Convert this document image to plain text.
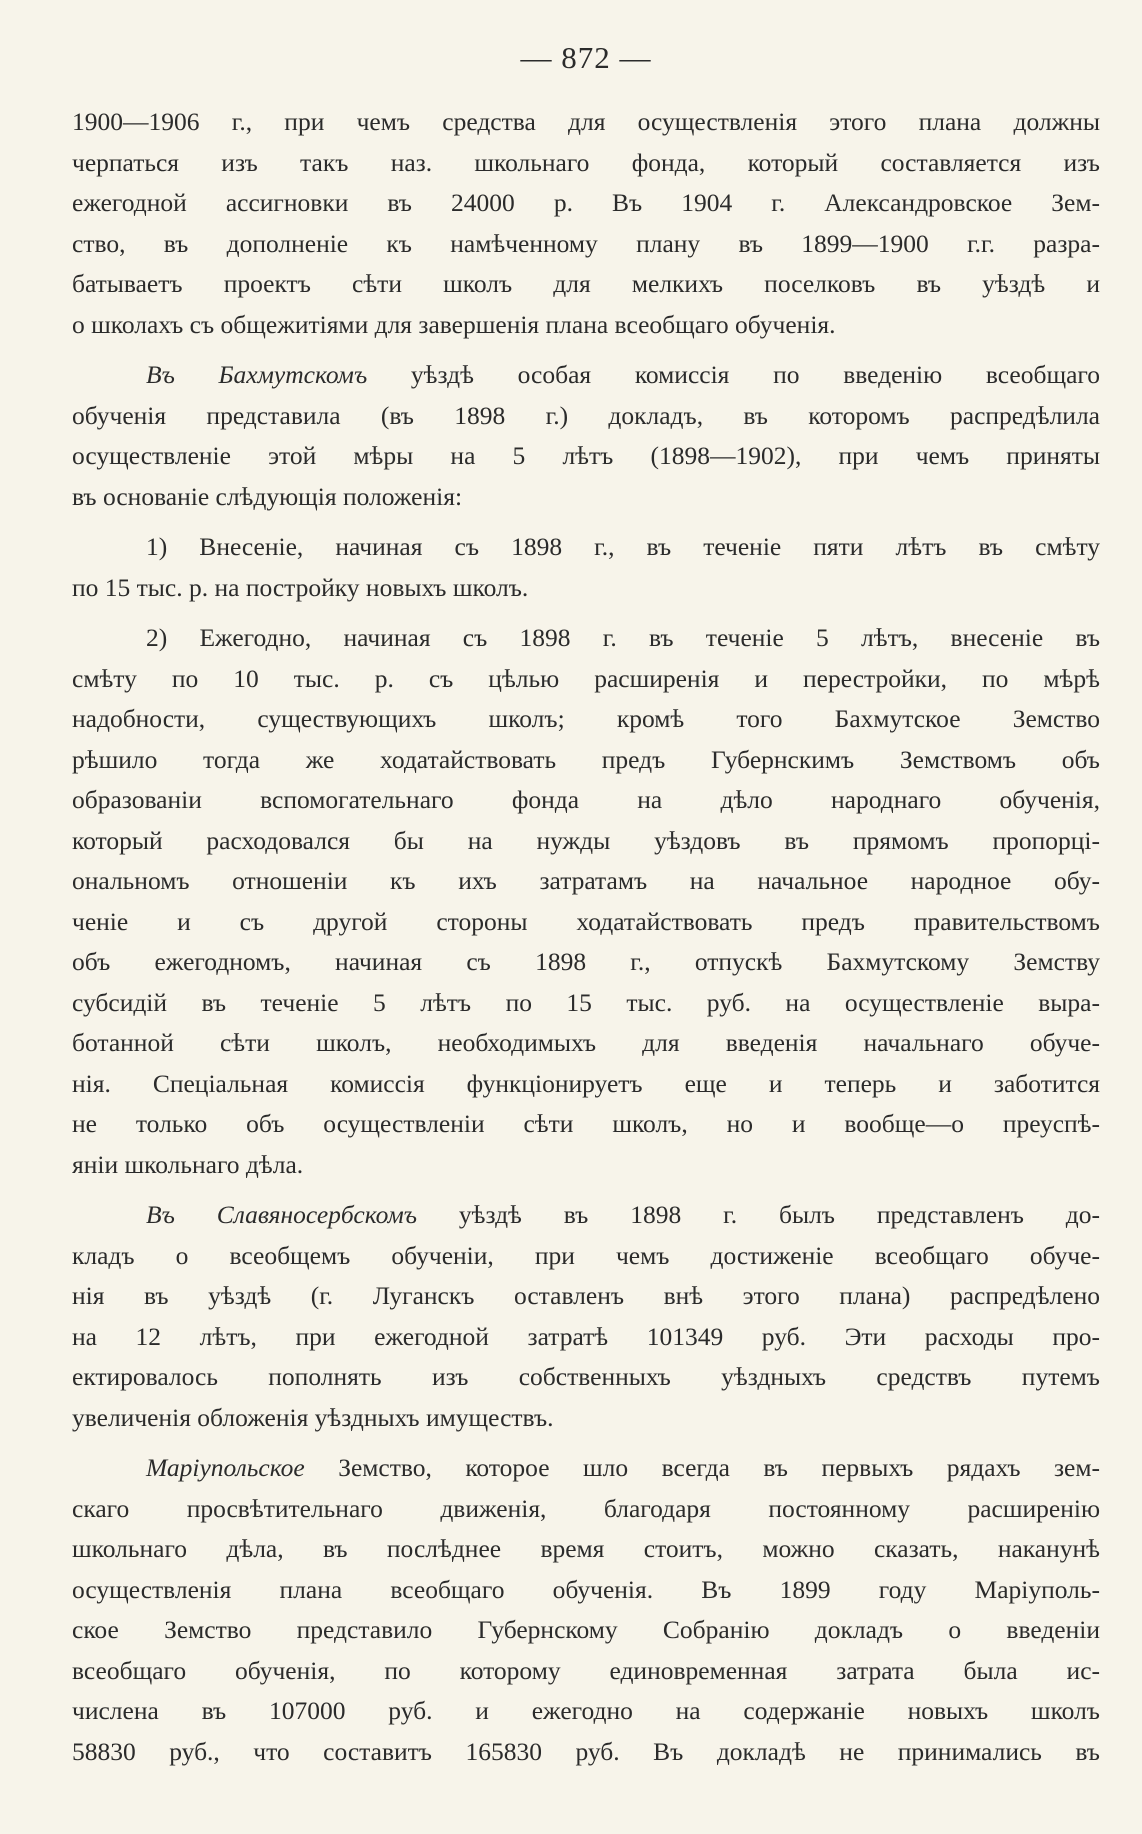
— 872 —
1900—1906 г., при чемъ средства для осуществленія этого плана должны
черпаться изъ такъ наз. школьнаго фонда, который составляется изъ
ежегодной ассигновки въ 24000 р. Въ 1904 г. Александровское Зем-
ство, въ дополненіе къ намѣченному плану въ 1899—1900 г.г. разра-
батываетъ проектъ сѣти школъ для мелкихъ поселковъ въ уѣздѣ и
о школахъ съ общежитіями для завершенія плана всеобщаго обученія.
Въ Бахмутскомъ уѣздѣ особая комиссія по введенію всеобщаго
обученія представила (въ 1898 г.) докладъ, въ которомъ распредѣлила
осуществленіе этой мѣры на 5 лѣтъ (1898—1902), при чемъ приняты
въ основаніе слѣдующія положенія:
1) Внесеніе, начиная съ 1898 г., въ теченіе пяти лѣтъ въ смѣту
по 15 тыс. р. на постройку новыхъ школъ.
2) Ежегодно, начиная съ 1898 г. въ теченіе 5 лѣтъ, внесеніе въ
смѣту по 10 тыс. р. съ цѣлью расширенія и перестройки, по мѣрѣ
надобности, существующихъ школъ; кромѣ того Бахмутское Земство
рѣшило тогда же ходатайствовать предъ Губернскимъ Земствомъ объ
образованіи вспомогательнаго фонда на дѣло народнаго обученія,
который расходовался бы на нужды уѣздовъ въ прямомъ пропорці-
ональномъ отношеніи къ ихъ затратамъ на начальное народное обу-
ченіе и съ другой стороны ходатайствовать предъ правительствомъ
объ ежегодномъ, начиная съ 1898 г., отпускѣ Бахмутскому Земству
субсидій въ теченіе 5 лѣтъ по 15 тыс. руб. на осуществленіе выра-
ботанной сѣти школъ, необходимыхъ для введенія начальнаго обуче-
нія. Спеціальная комиссія функціонируетъ еще и теперь и заботится
не только объ осуществленіи сѣти школъ, но и вообще—о преуспѣ-
яніи школьнаго дѣла.
Въ Славяносербскомъ уѣздѣ въ 1898 г. былъ представленъ до-
кладъ о всеобщемъ обученіи, при чемъ достиженіе всеобщаго обуче-
нія въ уѣздѣ (г. Луганскъ оставленъ внѣ этого плана) распредѣлено
на 12 лѣтъ, при ежегодной затратѣ 101349 руб. Эти расходы про-
ектировалось пополнять изъ собственныхъ уѣздныхъ средствъ путемъ
увеличенія обложенія уѣздныхъ имуществъ.
Маріупольское Земство, которое шло всегда въ первыхъ рядахъ зем-
скаго просвѣтительнаго движенія, благодаря постоянному расширенію
школьнаго дѣла, въ послѣднее время стоитъ, можно сказать, наканунѣ
осуществленія плана всеобщаго обученія. Въ 1899 году Маріуполь-
ское Земство представило Губернскому Собранію докладъ о введеніи
всеобщаго обученія, по которому единовременная затрата была ис-
числена въ 107000 руб. и ежегодно на содержаніе новыхъ школъ
58830 руб., что составитъ 165830 руб. Въ докладѣ не принимались въ
